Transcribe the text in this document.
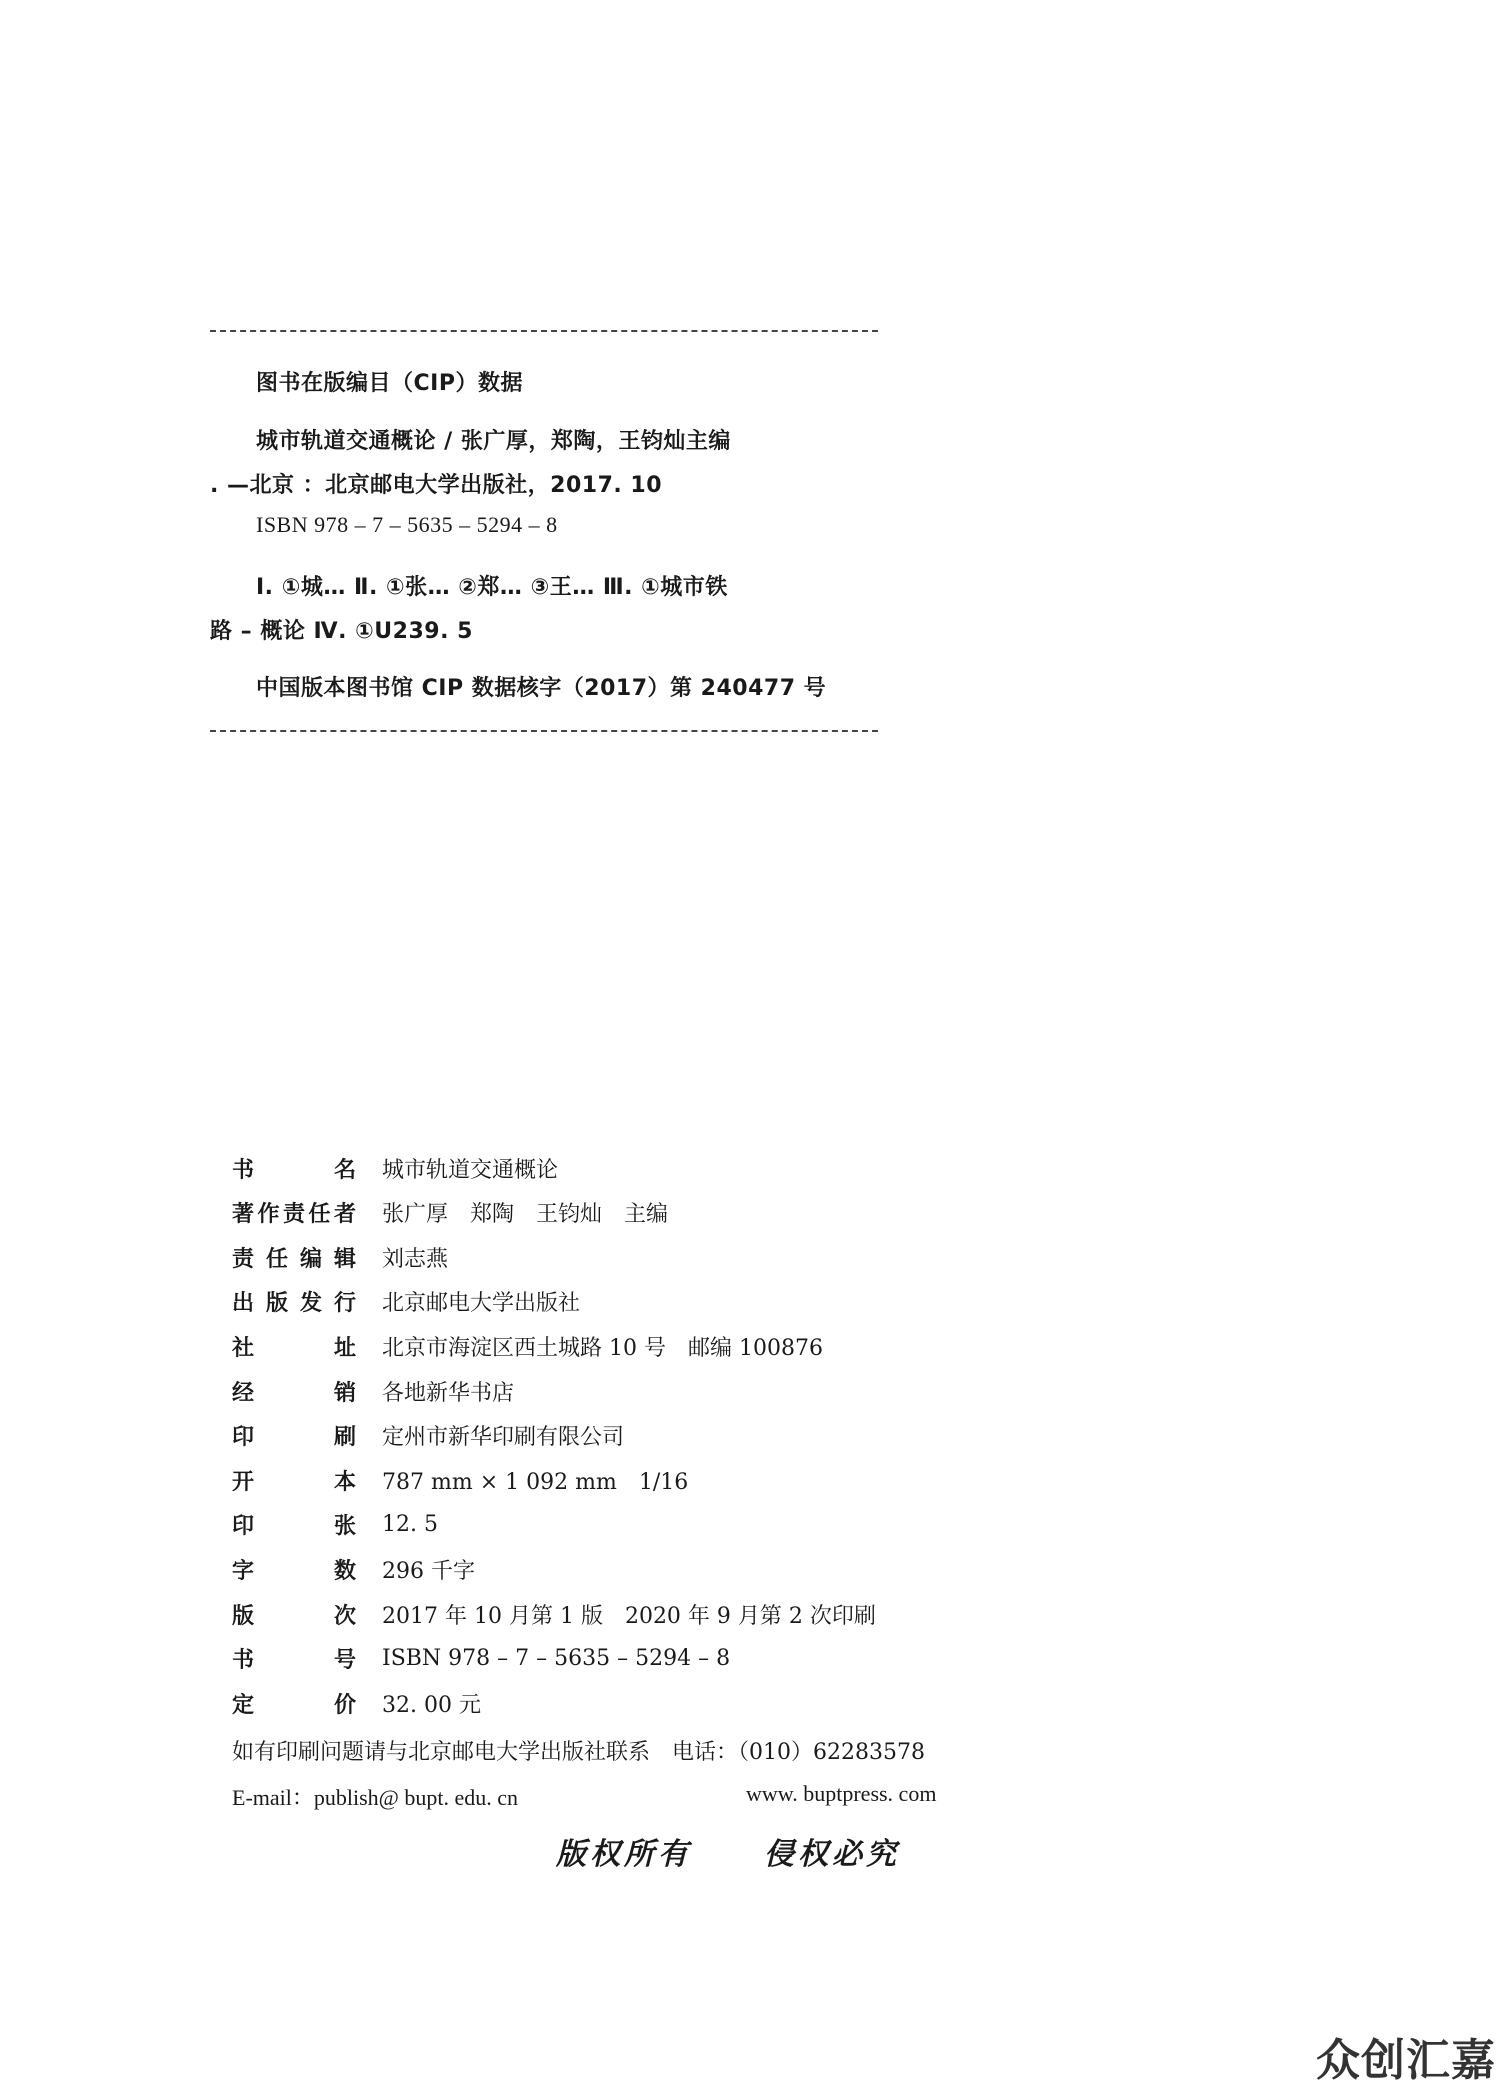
图书在版编目（CIP）数据
城市轨道交通概论 / 张广厚，郑陶，王钧灿主编
. —北京 ：北京邮电大学出版社，2017. 10
ISBN 978 – 7 – 5635 – 5294 – 8
Ⅰ. ①城… Ⅱ. ①张… ②郑… ③王… Ⅲ. ①城市铁
路 – 概论 Ⅳ. ①U239. 5
中国版本图书馆 CIP 数据核字（2017）第 240477 号
书	名 城市轨道交通概论
著 作 责 任 者 张广厚　郑陶　王钧灿　主编
责 任 编 辑 刘志燕
出 版 发 行 北京邮电大学出版社
社	址 北京市海淀区西土城路 10 号　邮编 100876
经	销 各地新华书店
印	刷 定州市新华印刷有限公司
开	本 787 mm × 1 092 mm　1/16
印	张 12. 5
字	数 296 千字
版	次 2017 年 10 月第 1 版　2020 年 9 月第 2 次印刷
书	号 ISBN 978 – 7 – 5635 – 5294 – 8
定	价 32. 00 元
如有印刷问题请与北京邮电大学出版社联系　电话：（010）62283578
E-mail：publish@ bupt. edu. cn	www. buptpress. com
版权所有 侵权必究
众创汇嘉
